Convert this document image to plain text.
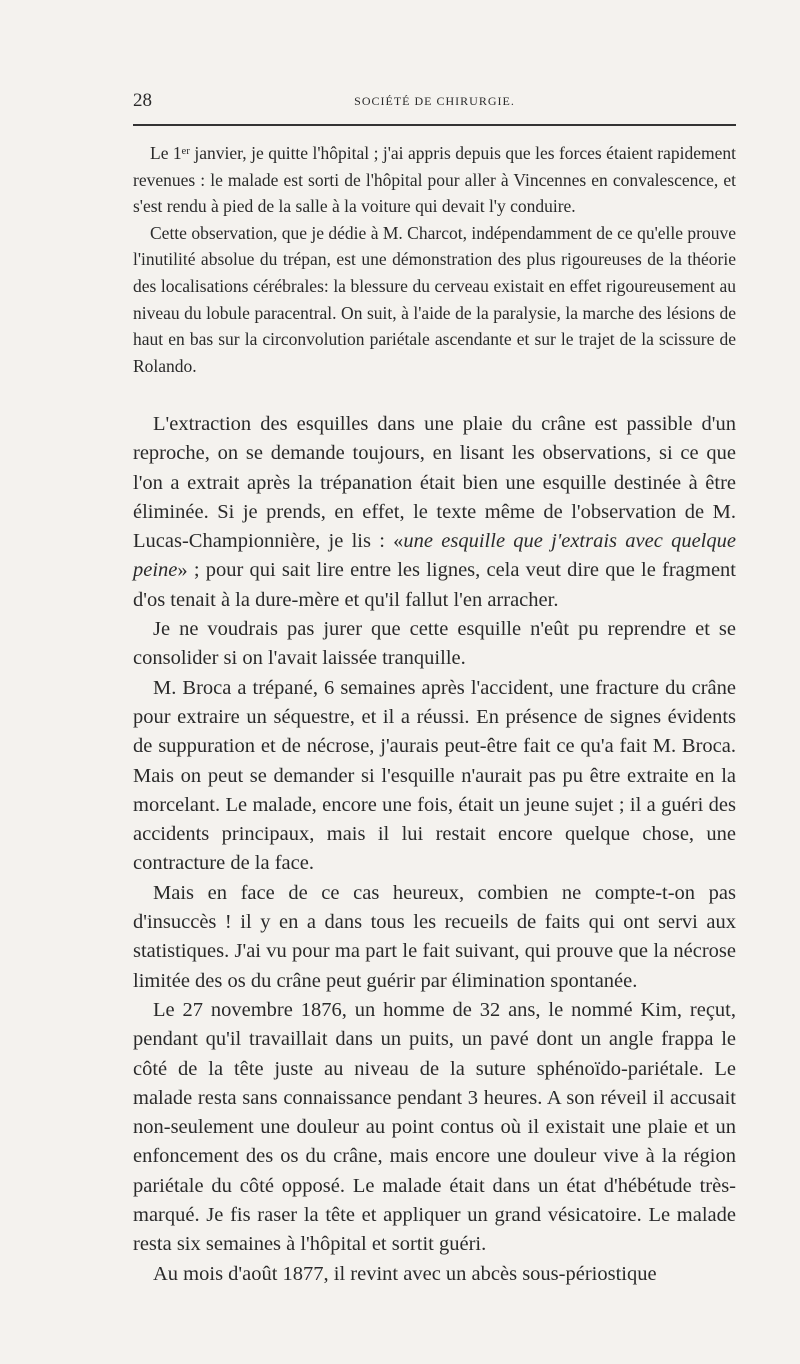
28	SOCIÉTÉ DE CHIRURGIE.

Le 1ᵉʳ janvier, je quitte l'hôpital ; j'ai appris depuis que les forces étaient rapidement revenues : le malade est sorti de l'hôpital pour aller à Vincennes en convalescence, et s'est rendu à pied de la salle à la voiture qui devait l'y conduire.

Cette observation, que je dédie à M. Charcot, indépendamment de ce qu'elle prouve l'inutilité absolue du trépan, est une démonstration des plus rigoureuses de la théorie des localisations cérébrales: la blessure du cerveau existait en effet rigoureusement au niveau du lobule paracentral. On suit, à l'aide de la paralysie, la marche des lésions de haut en bas sur la circonvolution pariétale ascendante et sur le trajet de la scissure de Rolando.

L'extraction des esquilles dans une plaie du crâne est passible d'un reproche, on se demande toujours, en lisant les observations, si ce que l'on a extrait après la trépanation était bien une esquille destinée à être éliminée. Si je prends, en effet, le texte même de l'observation de M. Lucas-Championnière, je lis : «une esquille que j'extrais avec quelque peine» ; pour qui sait lire entre les lignes, cela veut dire que le fragment d'os tenait à la dure-mère et qu'il fallut l'en arracher.

Je ne voudrais pas jurer que cette esquille n'eût pu reprendre et se consolider si on l'avait laissée tranquille.

M. Broca a trépané, 6 semaines après l'accident, une fracture du crâne pour extraire un séquestre, et il a réussi. En présence de signes évidents de suppuration et de nécrose, j'aurais peut-être fait ce qu'a fait M. Broca. Mais on peut se demander si l'esquille n'aurait pas pu être extraite en la morcelant. Le malade, encore une fois, était un jeune sujet ; il a guéri des accidents principaux, mais il lui restait encore quelque chose, une contracture de la face.

Mais en face de ce cas heureux, combien ne compte-t-on pas d'insuccès ! il y en a dans tous les recueils de faits qui ont servi aux statistiques. J'ai vu pour ma part le fait suivant, qui prouve que la nécrose limitée des os du crâne peut guérir par élimination spontanée.

Le 27 novembre 1876, un homme de 32 ans, le nommé Kim, reçut, pendant qu'il travaillait dans un puits, un pavé dont un angle frappa le côté de la tête juste au niveau de la suture sphénoïdo-pariétale. Le malade resta sans connaissance pendant 3 heures. A son réveil il accusait non-seulement une douleur au point contus où il existait une plaie et un enfoncement des os du crâne, mais encore une douleur vive à la région pariétale du côté opposé. Le malade était dans un état d'hébétude très-marqué. Je fis raser la tête et appliquer un grand vésicatoire. Le malade resta six semaines à l'hôpital et sortit guéri.

Au mois d'août 1877, il revint avec un abcès sous-périostique
